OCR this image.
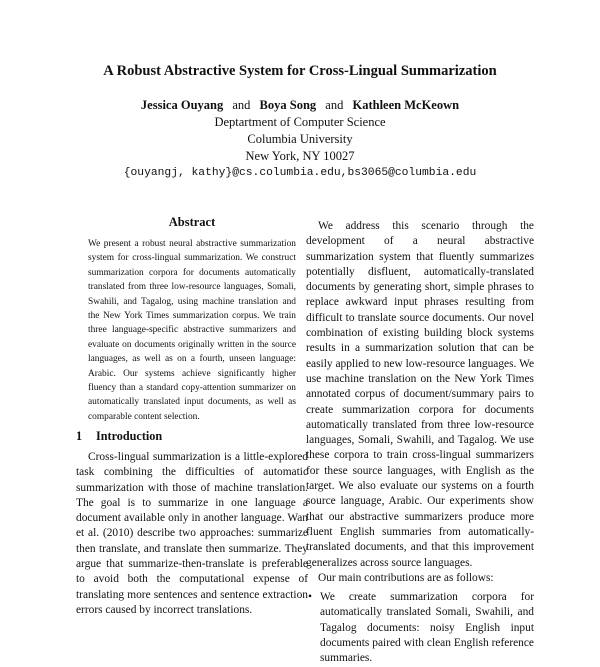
A Robust Abstractive System for Cross-Lingual Summarization
Jessica Ouyang and Boya Song and Kathleen McKeown
Deptartment of Computer Science
Columbia University
New York, NY 10027
{ouyangj, kathy}@cs.columbia.edu,bs3065@columbia.edu
Abstract
We present a robust neural abstractive summarization system for cross-lingual summarization. We construct summarization corpora for documents automatically translated from three low-resource languages, Somali, Swahili, and Tagalog, using machine translation and the New York Times summarization corpus. We train three language-specific abstractive summarizers and evaluate on documents originally written in the source languages, as well as on a fourth, unseen language: Arabic. Our systems achieve significantly higher fluency than a standard copy-attention summarizer on automatically translated input documents, as well as comparable content selection.
1 Introduction
Cross-lingual summarization is a little-explored task combining the difficulties of automatic summarization with those of machine translation. The goal is to summarize in one language a document available only in another language. Wan et al. (2010) describe two approaches: summarize then translate, and translate then summarize. They argue that summarize-then-translate is preferable to avoid both the computational expense of translating more sentences and sentence extraction errors caused by incorrect translations.

We address this scenario through the development of a neural abstractive summarization system that fluently summarizes potentially disfluent, automatically-translated documents by generating short, simple phrases to replace awkward input phrases resulting from difficult to translate source documents. Our novel combination of existing building block systems results in a summarization solution that can be easily applied to new low-resource languages. We use machine translation on the New York Times annotated corpus of document/summary pairs to create summarization corpora for documents automatically translated from three low-resource languages, Somali, Swahili, and Tagalog. We use these corpora to train cross-lingual summarizers for these source languages, with English as the target. We also evaluate our systems on a fourth source language, Arabic. Our experiments show that our abstractive summarizers produce more fluent English summaries from automatically-translated documents, and that this improvement generalizes across source languages.

Our main contributions are as follows:

• We create summarization corpora for automatically translated Somali, Swahili, and Tagalog documents: noisy English input documents paired with clean English reference summaries.
